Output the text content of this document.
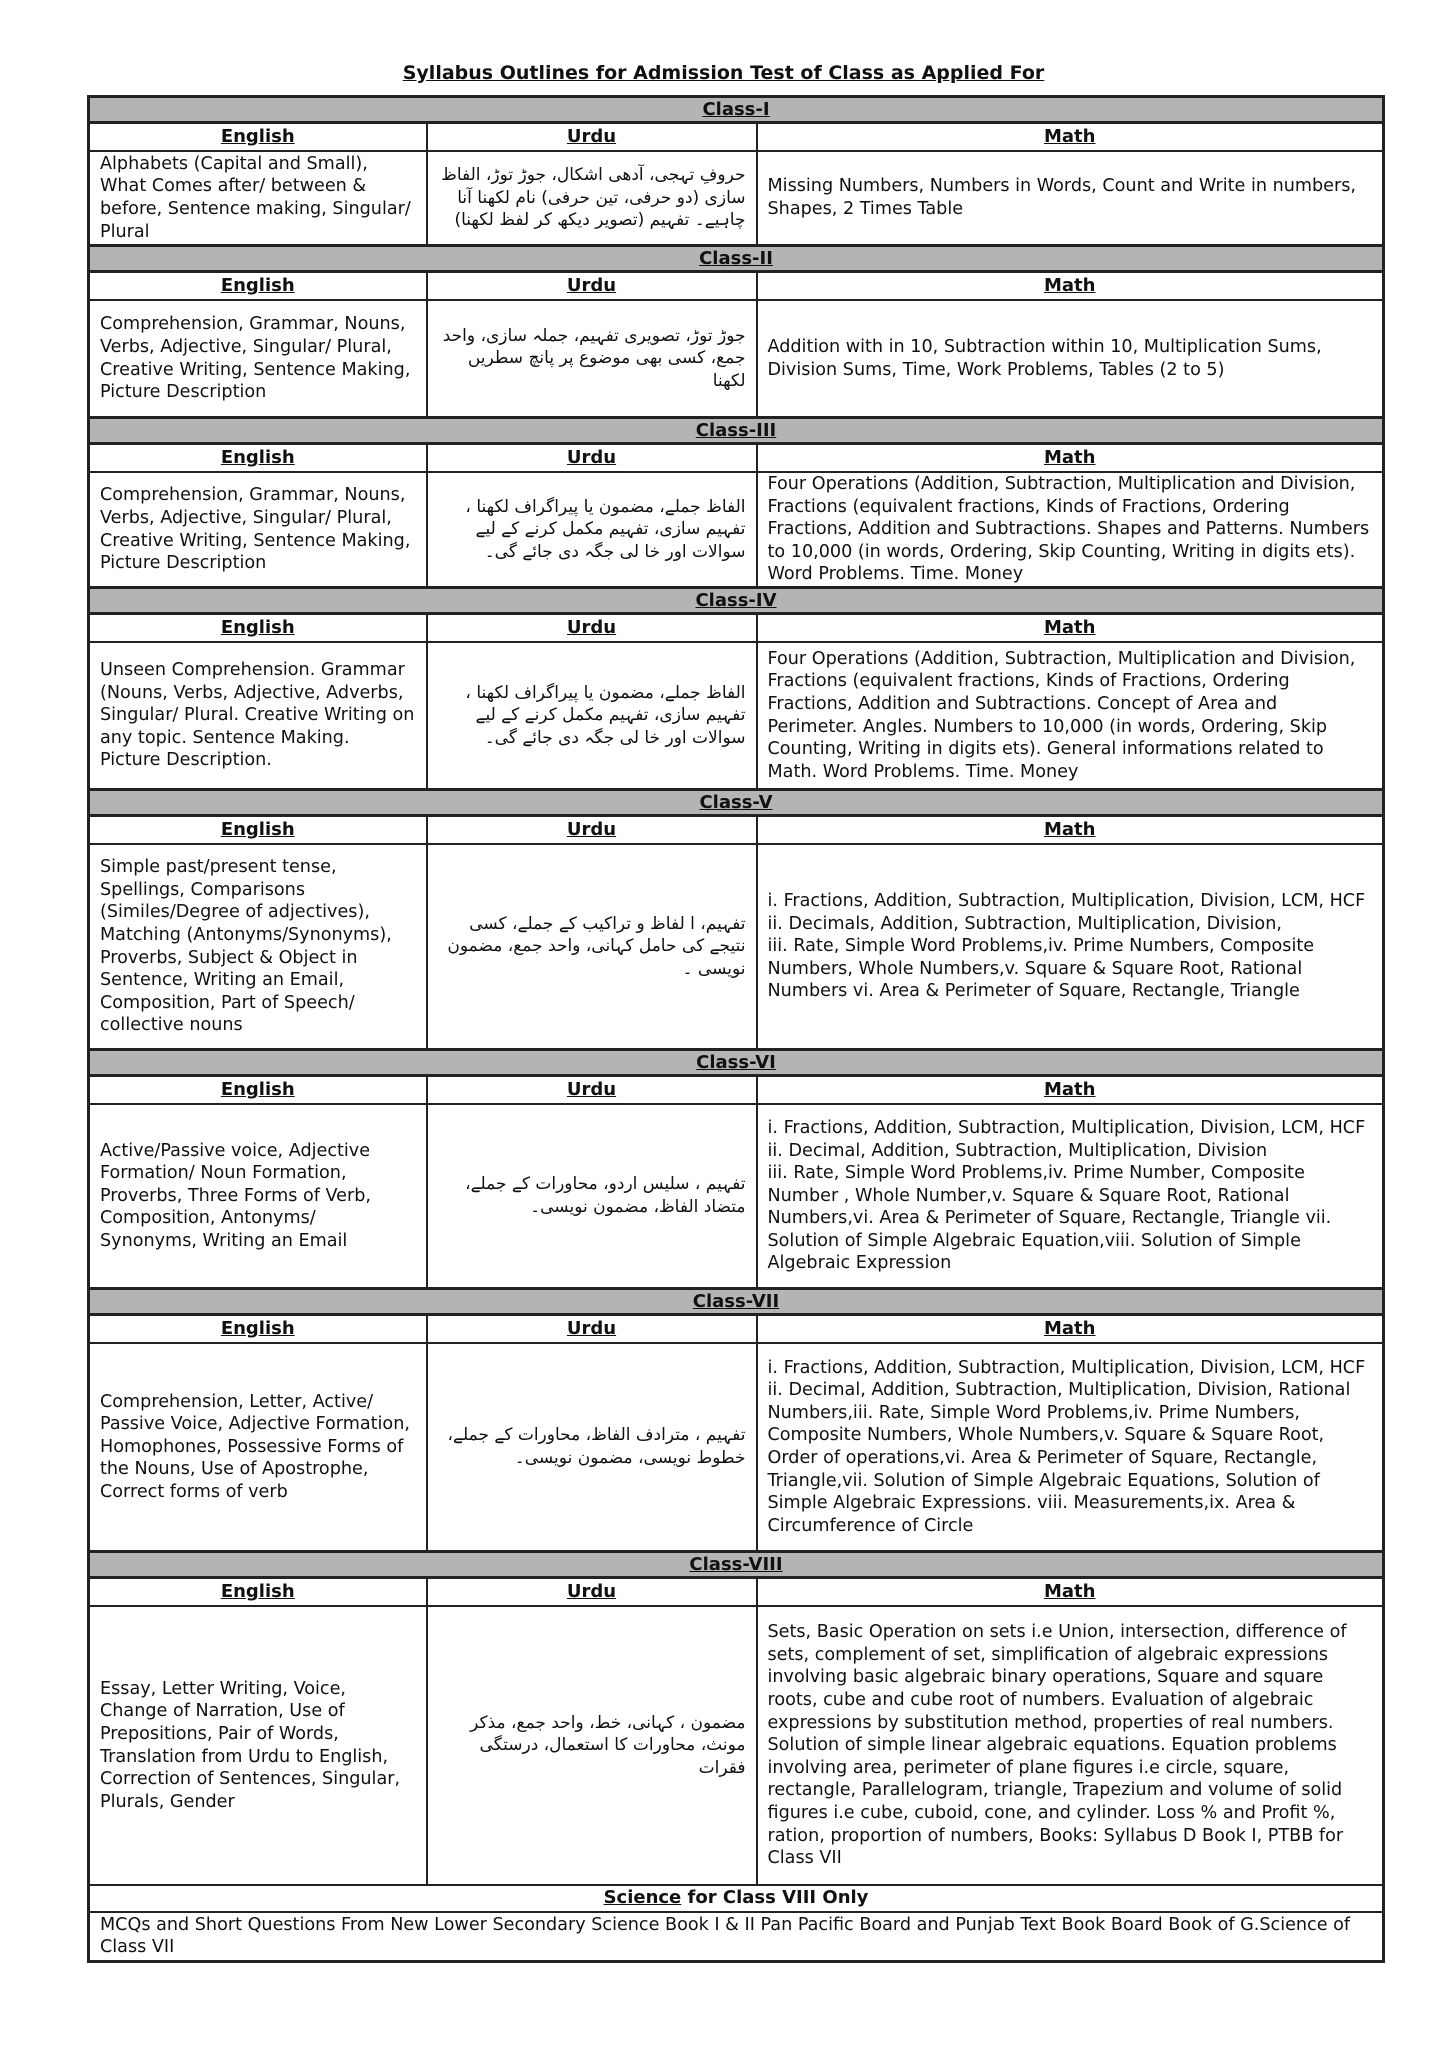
Syllabus Outlines for Admission Test of Class as Applied For
Class-I		
English	Urdu	Math
Alphabets (Capital and Small), What Comes after/ between & before, Sentence making, Singular/ Plural	حروفِ تہجی، آدھی اشکال، جوڑ توڑ، الفاظ سازی (دو حرفی، تین حرفی) نام لکھنا آنا چاہیے۔ تفہیم (تصویر دیکھ کر لفظ لکھنا)	Missing Numbers, Numbers in Words, Count and Write in numbers, Shapes, 2 Times Table
Class-II		
English	Urdu	Math
Comprehension, Grammar, Nouns, Verbs, Adjective, Singular/ Plural, Creative Writing, Sentence Making, Picture Description	جوڑ توڑ، تصویری تفہیم، جملہ سازی، واحد جمع، کسی بھی موضوع پر پانچ سطریں لکھنا	Addition with in 10, Subtraction within 10, Multiplication Sums, Division Sums, Time, Work Problems, Tables (2 to 5)
Class-III		
English	Urdu	Math
Comprehension, Grammar, Nouns, Verbs, Adjective, Singular/ Plural, Creative Writing, Sentence Making, Picture Description	الفاظ جملے، مضمون یا پیراگراف لکھنا ، تفہیم سازی، تفہیم مکمل کرنے کے لیے سوالات اور خا لی جگہ دی جائے گی۔	Four Operations (Addition, Subtraction, Multiplication and Division, Fractions (equivalent fractions, Kinds of Fractions, Ordering Fractions, Addition and Subtractions. Shapes and Patterns. Numbers to 10,000 (in words, Ordering, Skip Counting, Writing in digits ets). Word Problems. Time. Money
Class-IV		
English	Urdu	Math
Unseen Comprehension. Grammar (Nouns, Verbs, Adjective, Adverbs, Singular/ Plural. Creative Writing on any topic. Sentence Making. Picture Description.	الفاظ جملے، مضمون یا پیراگراف لکھنا ، تفہیم سازی، تفہیم مکمل کرنے کے لیے سوالات اور خا لی جگہ دی جائے گی۔	Four Operations (Addition, Subtraction, Multiplication and Division, Fractions (equivalent fractions, Kinds of Fractions, Ordering Fractions, Addition and Subtractions. Concept of Area and Perimeter. Angles. Numbers to 10,000 (in words, Ordering, Skip Counting, Writing in digits ets). General informations related to Math. Word Problems. Time. Money
Class-V		
English	Urdu	Math
Simple past/present tense, Spellings, Comparisons (Similes/Degree of adjectives), Matching (Antonyms/Synonyms), Proverbs, Subject & Object in Sentence, Writing an Email, Composition, Part of Speech/ collective nouns	تفہیم، ا لفاظ و تراکیب کے جملے، کسی نتیجے کی حامل کہانی، واحد جمع، مضمون نویسی ۔	i. Fractions, Addition, Subtraction, Multiplication, Division, LCM, HCF
ii. Decimals, Addition, Subtraction, Multiplication, Division,
iii. Rate, Simple Word Problems,iv. Prime Numbers, Composite Numbers, Whole Numbers,v. Square & Square Root, Rational Numbers vi. Area & Perimeter of Square, Rectangle, Triangle
Class-VI		
English	Urdu	Math
Active/Passive voice, Adjective Formation/ Noun Formation, Proverbs, Three Forms of Verb, Composition, Antonyms/ Synonyms, Writing an Email	تفہیم ، سلیس اردو، محاورات کے جملے، متضاد الفاظ، مضمون نویسی۔	i. Fractions, Addition, Subtraction, Multiplication, Division, LCM, HCF
ii. Decimal, Addition, Subtraction, Multiplication, Division
iii. Rate, Simple Word Problems,iv. Prime Number, Composite Number , Whole Number,v. Square & Square Root, Rational Numbers,vi. Area & Perimeter of Square, Rectangle, Triangle vii. Solution of Simple Algebraic Equation,viii. Solution of Simple Algebraic Expression
Class-VII		
English	Urdu	Math
Comprehension, Letter, Active/ Passive Voice, Adjective Formation, Homophones, Possessive Forms of the Nouns, Use of Apostrophe, Correct forms of verb	تفہیم ، مترادف الفاظ، محاورات کے جملے، خطوط نویسی، مضمون نویسی۔	i. Fractions, Addition, Subtraction, Multiplication, Division, LCM, HCF
ii. Decimal, Addition, Subtraction, Multiplication, Division, Rational Numbers,iii. Rate, Simple Word Problems,iv. Prime Numbers, Composite Numbers, Whole Numbers,v. Square & Square Root, Order of operations,vi. Area & Perimeter of Square, Rectangle, Triangle,vii. Solution of Simple Algebraic Equations, Solution of Simple Algebraic Expressions. viii. Measurements,ix. Area & Circumference of Circle
Class-VIII		
English	Urdu	Math
Essay, Letter Writing, Voice, Change of Narration, Use of Prepositions, Pair of Words, Translation from Urdu to English, Correction of Sentences, Singular, Plurals, Gender	مضمون ، کہانی، خط، واحد جمع، مذکر مونث، محاورات کا استعمال، درستگی فقرات	Sets, Basic Operation on sets i.e Union, intersection, difference of sets, complement of set, simplification of algebraic expressions involving basic algebraic binary operations, Square and square roots, cube and cube root of numbers. Evaluation of algebraic expressions by substitution method, properties of real numbers. Solution of simple linear algebraic equations. Equation problems involving area, perimeter of plane figures i.e circle, square, rectangle, Parallelogram, triangle, Trapezium and volume of solid figures i.e cube, cuboid, cone, and cylinder. Loss % and Profit %, ration, proportion of numbers, Books: Syllabus D Book I, PTBB for Class VII
Science for Class VIII Only		
MCQs and Short Questions From New Lower Secondary Science Book I & II Pan Pacific Board and Punjab Text Book Board Book of G.Science of Class VII		
